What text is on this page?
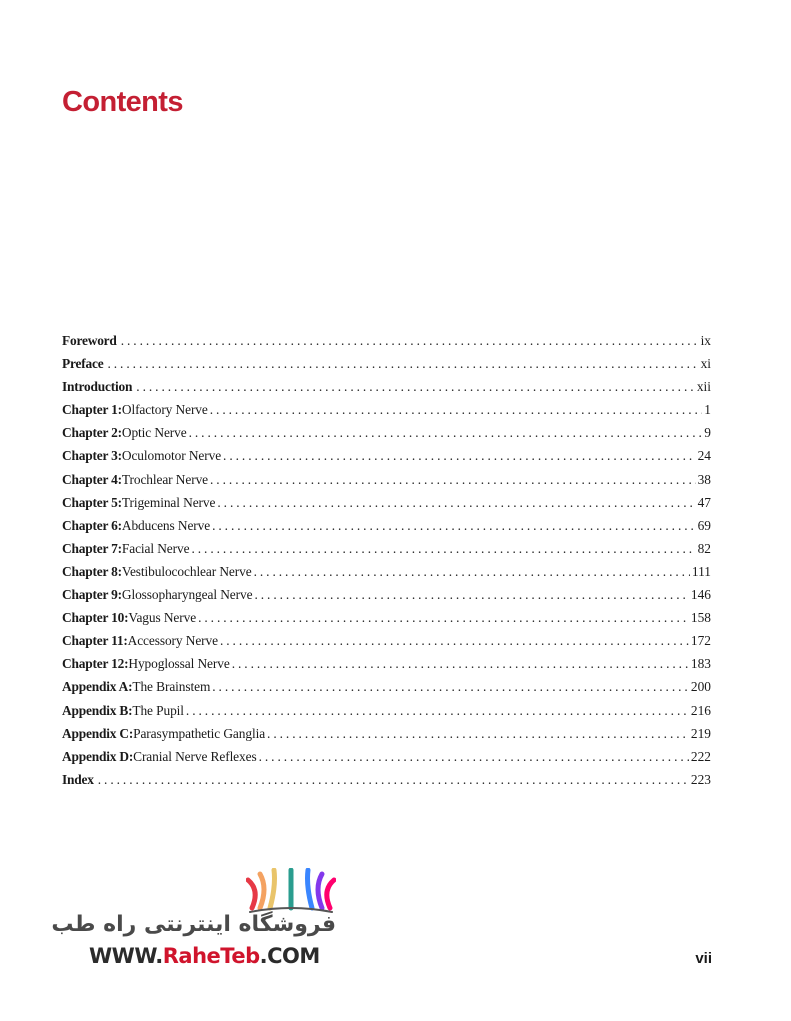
Contents
Foreword . . .	ix
Preface . . .	xi
Introduction . . .	xii
Chapter 1: Olfactory Nerve . . .	1
Chapter 2: Optic Nerve . . .	9
Chapter 3: Oculomotor Nerve . . .	24
Chapter 4: Trochlear Nerve . . .	38
Chapter 5: Trigeminal Nerve . . .	47
Chapter 6: Abducens Nerve . . .	69
Chapter 7: Facial Nerve . . .	82
Chapter 8: Vestibulocochlear Nerve . . .	111
Chapter 9: Glossopharyngeal Nerve . . .	146
Chapter 10: Vagus Nerve . . .	158
Chapter 11: Accessory Nerve . . .	172
Chapter 12: Hypoglossal Nerve . . .	183
Appendix A: The Brainstem . . .	200
Appendix B: The Pupil . . .	216
Appendix C: Parasympathetic Ganglia . . .	219
Appendix D: Cranial Nerve Reflexes . . .	222
Index . . .	223
فروشگاه اینترنتی راه طب
WWW.RaheTeb.COM	vii
